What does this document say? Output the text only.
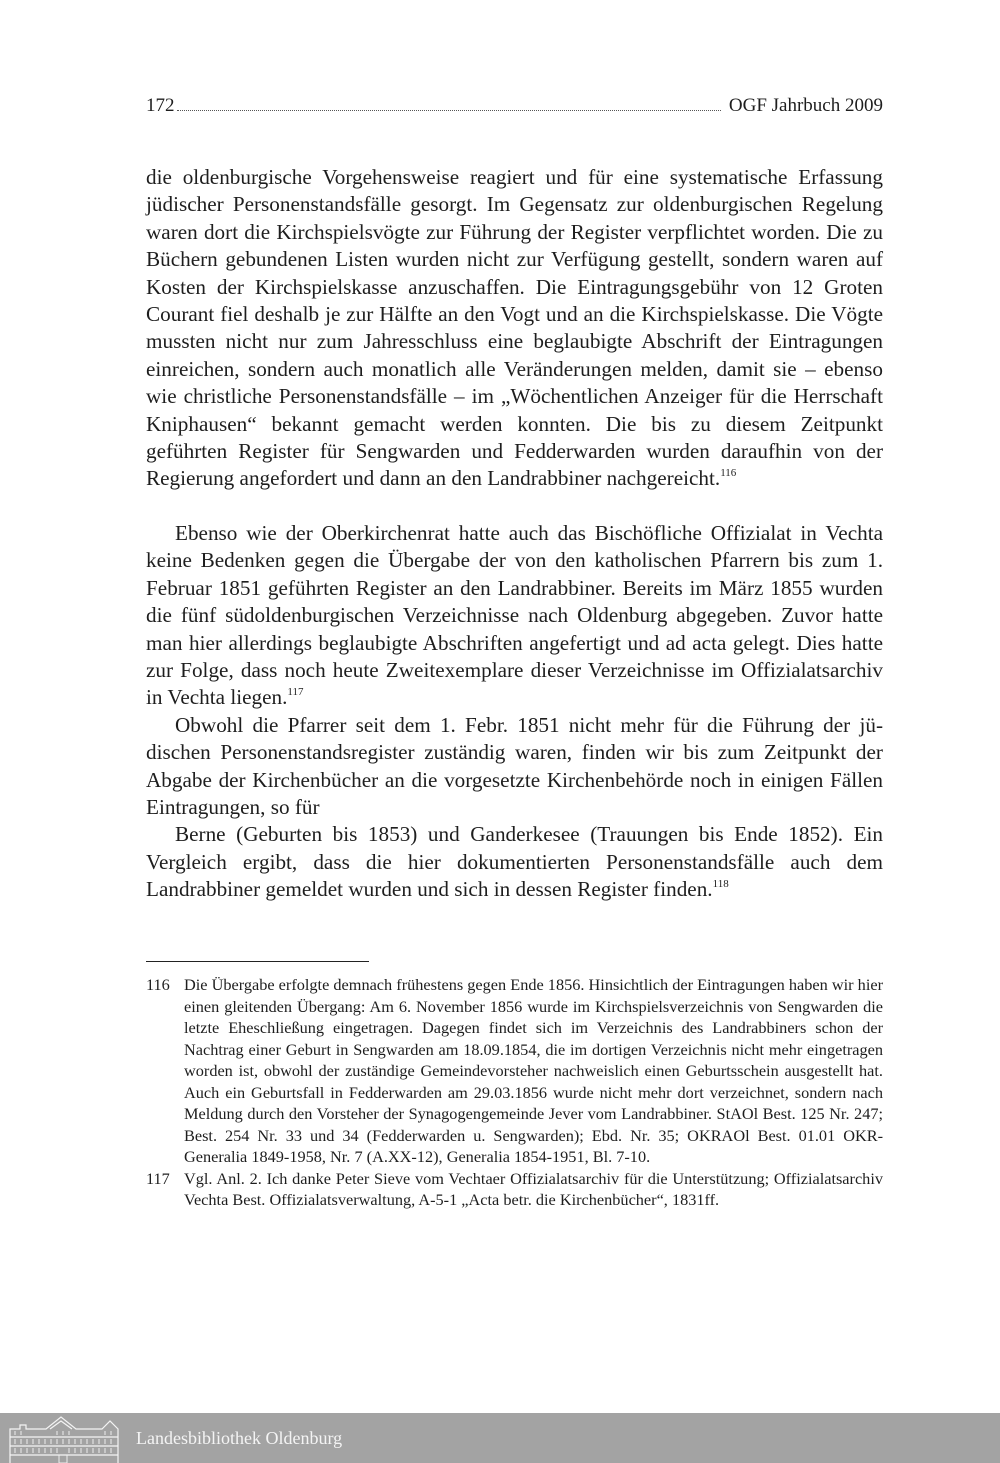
172	OGF Jahrbuch 2009

die oldenburgische Vorgehensweise reagiert und für eine systematische Erfassung jüdischer Personenstandsfälle gesorgt. Im Gegensatz zur oldenburgischen Regelung waren dort die Kirchspielsvögte zur Führung der Register verpflichtet worden. Die zu Büchern gebundenen Listen wurden nicht zur Verfügung gestellt, sondern waren auf Kosten der Kirchspielskasse anzuschaffen. Die Eintragungsgebühr von 12 Groten Courant fiel deshalb je zur Hälfte an den Vogt und an die Kirchspielskasse. Die Vögte mussten nicht nur zum Jahresschluss eine beglaubigte Abschrift der Eintragungen einreichen, sondern auch monatlich alle Veränderungen melden, damit sie – ebenso wie christliche Personenstandsfälle – im „Wöchentlichen Anzeiger für die Herrschaft Kniphausen“ bekannt gemacht werden konnten. Die bis zu diesem Zeitpunkt geführten Register für Sengwarden und Fedderwarden wurden daraufhin von der Regierung angefordert und dann an den Landrabbiner nachgereicht.$^{116}$

Ebenso wie der Oberkirchenrat hatte auch das Bischöfliche Offizialat in Vechta keine Bedenken gegen die Übergabe der von den katholischen Pfarrern bis zum 1. Februar 1851 geführten Register an den Landrabbiner. Bereits im März 1855 wurden die fünf südoldenburgischen Verzeichnisse nach Oldenburg abgegeben. Zuvor hatte man hier allerdings beglaubigte Abschriften angefertigt und ad acta gelegt. Dies hatte zur Folge, dass noch heute Zweitexemplare dieser Verzeichnisse im Offizialatsarchiv in Vechta liegen.$^{117}$

Obwohl die Pfarrer seit dem 1. Febr. 1851 nicht mehr für die Führung der jüdischen Personenstandsregister zuständig waren, finden wir bis zum Zeitpunkt der Abgabe der Kirchenbücher an die vorgesetzte Kirchenbehörde noch in einigen Fällen Eintragungen, so für

Berne (Geburten bis 1853) und Ganderkesee (Trauungen bis Ende 1852). Ein Vergleich ergibt, dass die hier dokumentierten Personenstandsfälle auch dem Landrabbiner gemeldet wurden und sich in dessen Register finden.$^{118}$

116 Die Übergabe erfolgte demnach frühestens gegen Ende 1856. Hinsichtlich der Eintragungen haben wir hier einen gleitenden Übergang: Am 6. November 1856 wurde im Kirchspielsverzeichnis von Sengwarden die letzte Eheschließung eingetragen. Dagegen findet sich im Verzeichnis des Landrabbiners schon der Nachtrag einer Geburt in Sengwarden am 18.09.1854, die im dortigen Verzeichnis nicht mehr eingetragen worden ist, obwohl der zuständige Gemeindevorsteher nachweislich einen Geburtsschein ausgestellt hat. Auch ein Geburtsfall in Fedderwarden am 29.03.1856 wurde nicht mehr dort verzeichnet, sondern nach Meldung durch den Vorsteher der Synagogengemeinde Jever vom Landrabbiner. StAOl Best. 125 Nr. 247; Best. 254 Nr. 33 und 34 (Fedderwarden u. Sengwarden); Ebd. Nr. 35; OKRAOl Best. 01.01 OKR-Generalia 1849-1958, Nr. 7 (A.XX-12), Generalia 1854-1951, Bl. 7-10.
117 Vgl. Anl. 2. Ich danke Peter Sieve vom Vechtaer Offizialatsarchiv für die Unterstützung; Offizialatsarchiv Vechta Best. Offizialatsverwaltung, A-5-1 „Acta betr. die Kirchenbücher“, 1831ff.
Landesbibliothek Oldenburg
